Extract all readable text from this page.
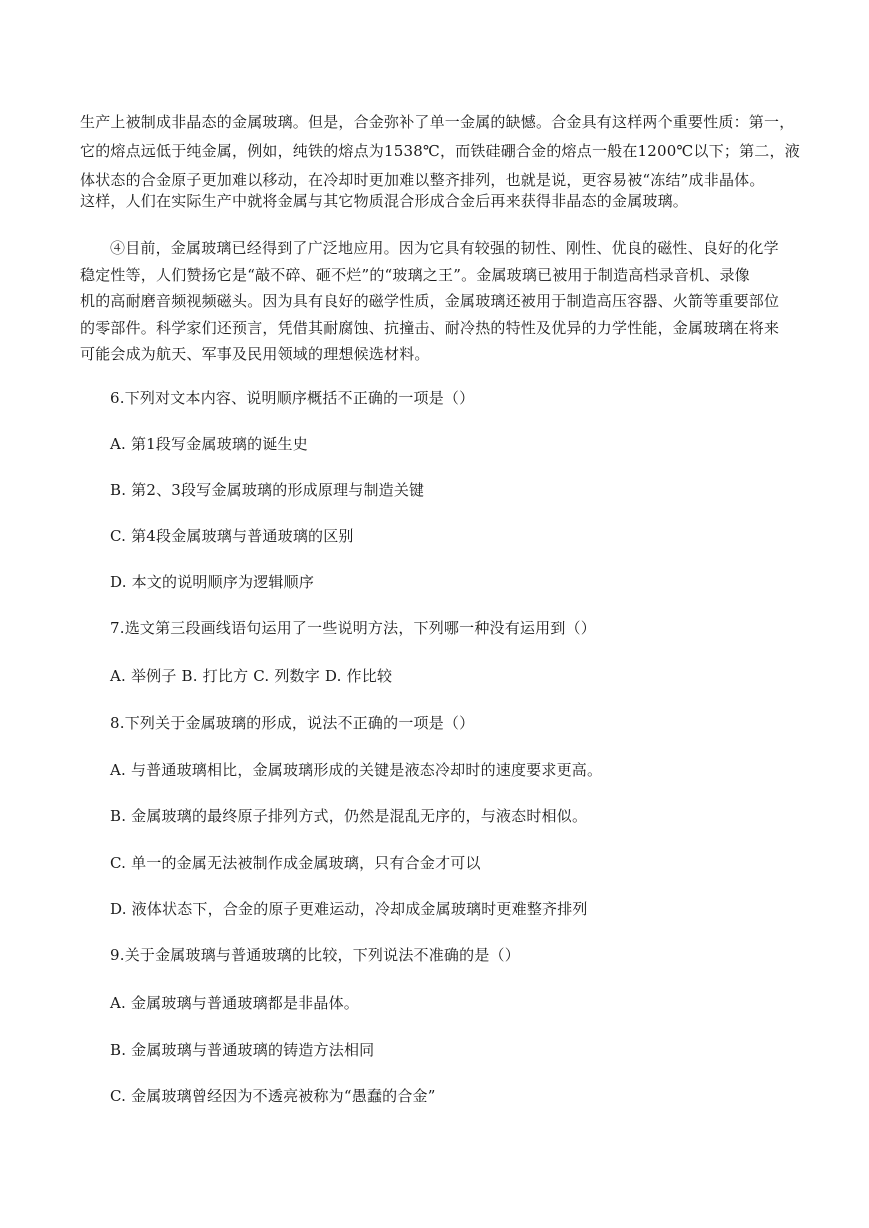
生产上被制成非晶态的金属玻璃。但是，合金弥补了单一金属的缺憾。合金具有这样两个重要性质：第一，
它的熔点远低于纯金属，例如，纯铁的熔点为1538℃，而铁硅硼合金的熔点一般在1200℃以下；第二，液
体状态的合金原子更加难以移动，在冷却时更加难以整齐排列，也就是说，更容易被“冻结”成非晶体。
这样，人们在实际生产中就将金属与其它物质混合形成合金后再来获得非晶态的金属玻璃。
④目前，金属玻璃已经得到了广泛地应用。因为它具有较强的韧性、刚性、优良的磁性、良好的化学
稳定性等，人们赞扬它是“敲不碎、砸不烂”的“玻璃之王”。金属玻璃已被用于制造高档录音机、录像
机的高耐磨音频视频磁头。因为具有良好的磁学性质，金属玻璃还被用于制造高压容器、火箭等重要部位
的零部件。科学家们还预言，凭借其耐腐蚀、抗撞击、耐冷热的特性及优异的力学性能，金属玻璃在将来
可能会成为航天、军事及民用领域的理想候选材料。
6.下列对文本内容、说明顺序概括不正确的一项是（）
A. 第1段写金属玻璃的诞生史
B. 第2、3段写金属玻璃的形成原理与制造关键
C. 第4段金属玻璃与普通玻璃的区别
D. 本文的说明顺序为逻辑顺序
7.选文第三段画线语句运用了一些说明方法，下列哪一种没有运用到（）
A. 举例子 B. 打比方 C. 列数字 D. 作比较
8.下列关于金属玻璃的形成，说法不正确的一项是（）
A. 与普通玻璃相比，金属玻璃形成的关键是液态冷却时的速度要求更高。
B. 金属玻璃的最终原子排列方式，仍然是混乱无序的，与液态时相似。
C. 单一的金属无法被制作成金属玻璃，只有合金才可以
D. 液体状态下，合金的原子更难运动，冷却成金属玻璃时更难整齐排列
9.关于金属玻璃与普通玻璃的比较，下列说法不准确的是（）
A. 金属玻璃与普通玻璃都是非晶体。
B. 金属玻璃与普通玻璃的铸造方法相同
C. 金属玻璃曾经因为不透亮被称为“愚蠢的合金”
